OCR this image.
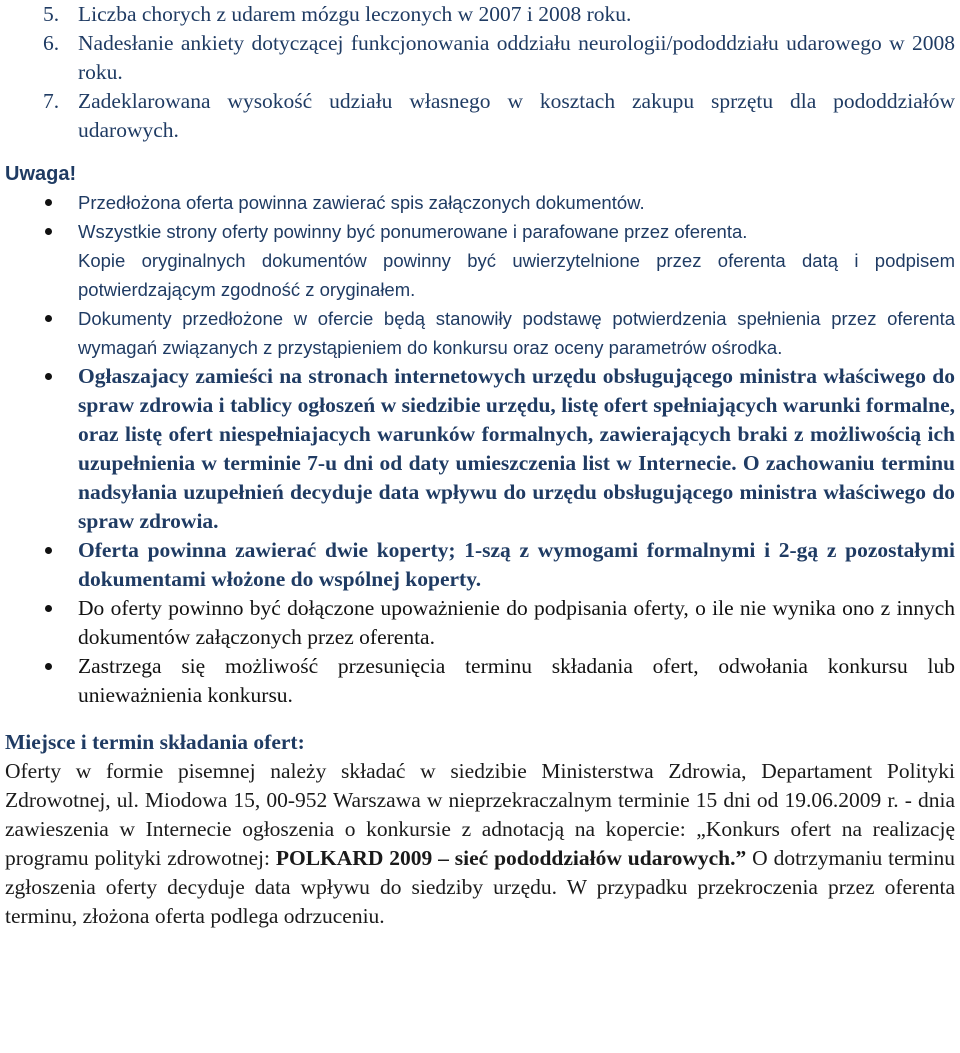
5. Liczba chorych z udarem mózgu leczonych w 2007 i 2008 roku.
6. Nadesłanie ankiety dotyczącej funkcjonowania oddziału neurologii/pododdziału udarowego w 2008 roku.
7. Zadeklarowana wysokość udziału własnego w kosztach zakupu sprzętu dla pododdziałów udarowych.
Uwaga!
Przedłożona oferta powinna zawierać spis załączonych dokumentów.
Wszystkie strony oferty powinny być ponumerowane i parafowane przez oferenta.
Kopie oryginalnych dokumentów powinny być uwierzytelnione przez oferenta datą i podpisem potwierdzającym zgodność z oryginałem.
Dokumenty przedłożone w ofercie będą stanowiły podstawę potwierdzenia spełnienia przez oferenta wymagań związanych z przystąpieniem do konkursu oraz oceny parametrów ośrodka.
Ogłaszajacy zamieści na stronach internetowych urzędu obsługującego ministra właściwego do spraw zdrowia i tablicy ogłoszeń w siedzibie urzędu, listę ofert spełniających warunki formalne, oraz listę ofert niespełniajacych warunków formalnych, zawierających braki z możliwością ich uzupełnienia w terminie 7-u dni od daty umieszczenia list w Internecie. O zachowaniu terminu nadsyłania uzupełnień decyduje data wpływu do urzędu obsługującego ministra właściwego do spraw zdrowia.
Oferta powinna zawierać dwie koperty; 1-szą z wymogami formalnymi i 2-gą z pozostałymi dokumentami włożone do wspólnej koperty.
Do oferty powinno być dołączone upoważnienie do podpisania oferty, o ile nie wynika ono z innych dokumentów załączonych przez oferenta.
Zastrzega się możliwość przesunięcia terminu składania ofert, odwołania konkursu lub unieważnienia konkursu.
Miejsce i termin składania ofert:
Oferty w formie pisemnej należy składać w siedzibie Ministerstwa Zdrowia, Departament Polityki Zdrowotnej, ul. Miodowa 15, 00-952 Warszawa w nieprzekraczalnym terminie 15 dni od 19.06.2009 r. - dnia zawieszenia w Internecie ogłoszenia o konkursie z adnotacją na kopercie: „Konkurs ofert na realizację programu polityki zdrowotnej: POLKARD 2009 – sieć pododdziałów udarowych.” O dotrzymaniu terminu zgłoszenia oferty decyduje data wpływu do siedziby urzędu. W przypadku przekroczenia przez oferenta terminu, złożona oferta podlega odrzuceniu.
